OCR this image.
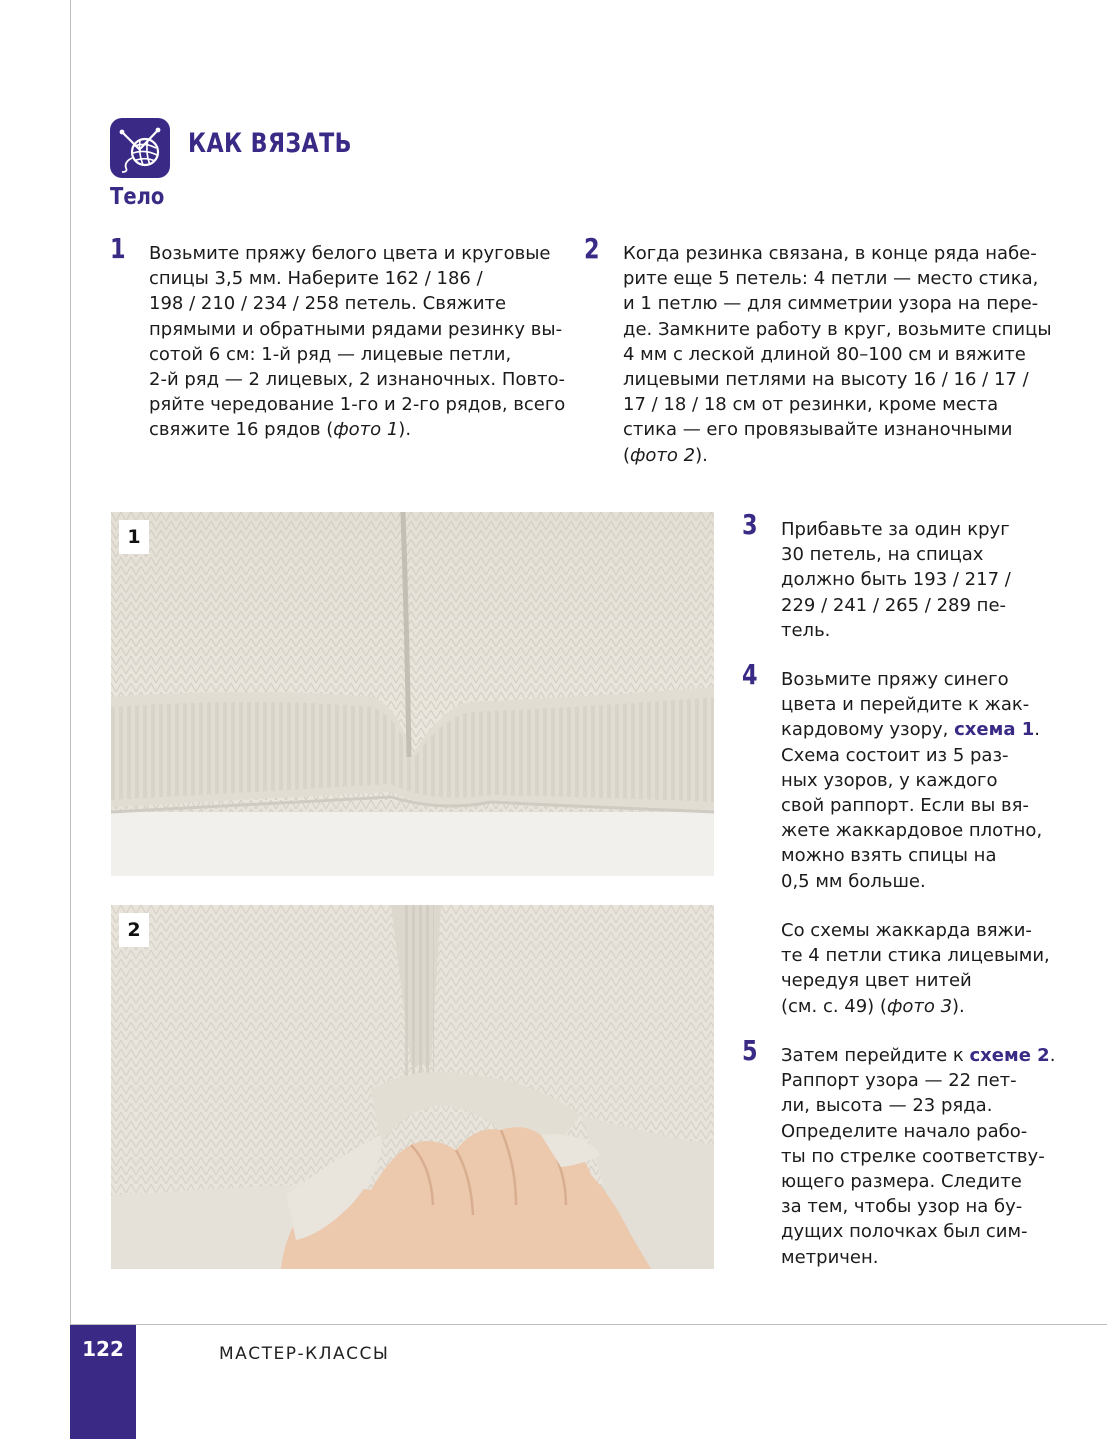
КАК ВЯЗАТЬ
Тело
1 Возьмите пряжу белого цвета и круговые
спицы 3,5 мм. Наберите 162 / 186 /
198 / 210 / 234 / 258 петель. Свяжите
прямыми и обратными рядами резинку вы-
сотой 6 см: 1-й ряд — лицевые петли,
2-й ряд — 2 лицевых, 2 изнаночных. Повто-
ряйте чередование 1-го и 2-го рядов, всего
свяжите 16 рядов (фото 1).
2 Когда резинка связана, в конце ряда набе-
рите еще 5 петель: 4 петли — место стика,
и 1 петлю — для симметрии узора на пере-
де. Замкните работу в круг, возьмите спицы
4 мм с леской длиной 80–100 см и вяжите
лицевыми петлями на высоту 16 / 16 / 17 /
17 / 18 / 18 см от резинки, кроме места
стика — его провязывайте изнаночными
(фото 2).
1
2
3 Прибавьте за один круг
30 петель, на спицах
должно быть 193 / 217 /
229 / 241 / 265 / 289 пе-
тель.
4 Возьмите пряжу синего
цвета и перейдите к жак-
кардовому узору, схема 1.
Схема состоит из 5 раз-
ных узоров, у каждого
свой раппорт. Если вы вя-
жете жаккардовое плотно,
можно взять спицы на
0,5 мм больше.
Со схемы жаккарда вяжи-
те 4 петли стика лицевыми,
чередуя цвет нитей
(см. с. 49) (фото 3).
5 Затем перейдите к схеме 2.
Раппорт узора — 22 пет-
ли, высота — 23 ряда.
Определите начало рабо-
ты по стрелке соответству-
ющего размера. Следите
за тем, чтобы узор на бу-
дущих полочках был сим-
метричен.
122	МАСТЕР-КЛАССЫ
